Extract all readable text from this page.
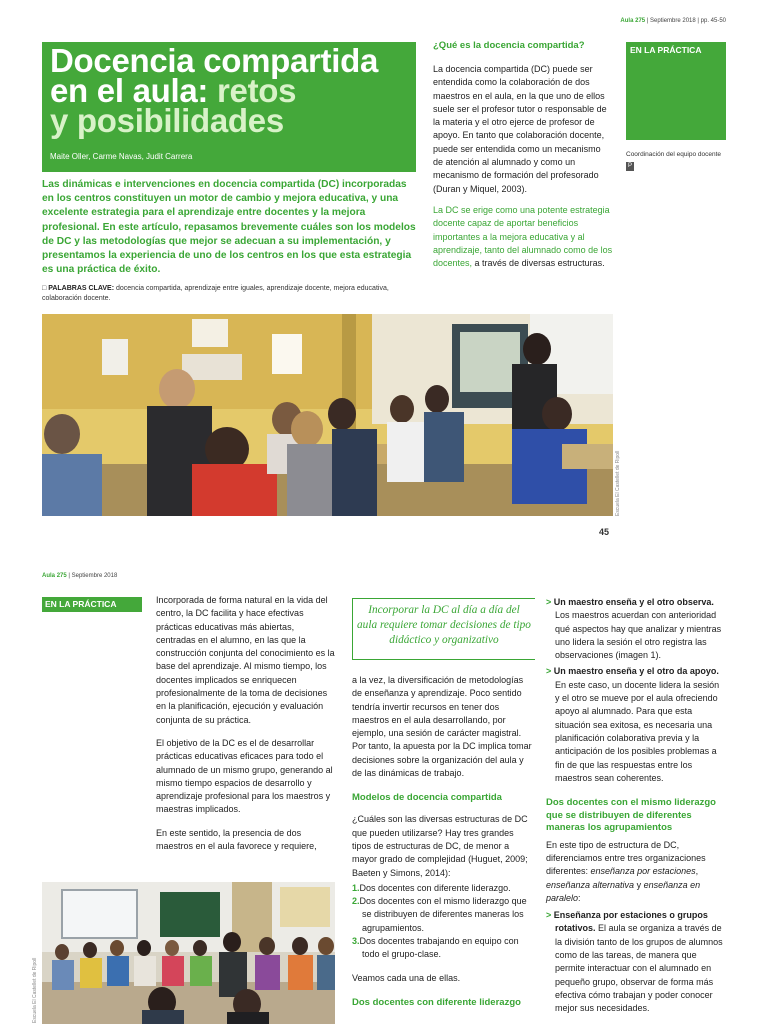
Aula 275 | Septiembre 2018 | pp. 45-50
Docencia compartida
en el aula: retos
y posibilidades
Maite Oller, Carme Navas, Judit Carrera
Las dinámicas e intervenciones en docencia compartida (DC) incorporadas en los centros constituyen un motor de cambio y mejora educativa, y una excelente estrategia para el aprendizaje entre docentes y la mejora profesional. En este artículo, repasamos brevemente cuáles son los modelos de DC y las metodologías que mejor se adecuan a su implementación, y presentamos la experiencia de uno de los centros en los que esta estrategia es una práctica de éxito.
□ PALABRAS CLAVE: docencia compartida, aprendizaje entre iguales, aprendizaje docente, mejora educativa, colaboración docente.
¿Qué es la docencia compartida?

La docencia compartida (DC) puede ser entendida como la colaboración de dos maestros en el aula, en la que uno de ellos suele ser el profesor tutor o responsable de la materia y el otro ejerce de profesor de apoyo. En tanto que colaboración docente, puede ser entendida como un mecanismo de atención al alumnado y como un mecanismo de formación del profesorado (Duran y Miquel, 2003).

La DC se erige como una potente estrategia docente capaz de aportar beneficios importantes a la mejora educativa y al aprendizaje, tanto del alumnado como de los docentes, a través de diversas estructuras.

EN LA PRÁCTICA
Coordinación del equipo docente
P
Escuela El Castellet de Ripoll
45
Aula 275 | Septiembre 2018
EN LA PRÁCTICA	Incorporada de forma natural en la vida del centro, la DC facilita y hace efectivas prácticas educativas más abiertas, centradas en el alumno, en las que la construcción conjunta del conocimiento es la base del aprendizaje. Al mismo tiempo, los docentes implicados se enriquecen profesionalmente de la toma de decisiones en la planificación, ejecución y evaluación conjunta de su práctica.

El objetivo de la DC es el de desarrollar prácticas educativas eficaces para todo el alumnado de un mismo grupo, generando al mismo tiempo espacios de desarrollo y aprendizaje profesional para los maestros y maestras implicados.

En este sentido, la presencia de dos maestros en el aula favorece y requiere,

Incorporar la DC al día a día del aula requiere tomar decisiones de tipo didáctico y organizativo

a la vez, la diversificación de metodologías de enseñanza y aprendizaje. Poco sentido tendría invertir recursos en tener dos maestros en el aula desarrollando, por ejemplo, una sesión de carácter magistral. Por tanto, la apuesta por la DC implica tomar decisiones sobre la organización del aula y de las dinámicas de trabajo.

Modelos de docencia compartida

¿Cuáles son las diversas estructuras de DC que pueden utilizarse? Hay tres grandes tipos de estructuras de DC, de menor a mayor grado de complejidad (Huguet, 2009; Baeten y Simons, 2014):

1.Dos docentes con diferente liderazgo.
2.Dos docentes con el mismo liderazgo que se distribuyen de diferentes maneras los agrupamientos.
3.Dos docentes trabajando en equipo con todo el grupo-clase.

Veamos cada una de ellas.

Dos docentes con diferente liderazgo

> Un maestro enseña y el otro observa. Los maestros acuerdan con anterioridad qué aspectos hay que analizar y mientras uno lidera la sesión el otro registra las observaciones (imagen 1).

> Un maestro enseña y el otro da apoyo. En este caso, un docente lidera la sesión y el otro se mueve por el aula ofreciendo apoyo al alumnado. Para que esta situación sea exitosa, es necesaria una planificación colaborativa previa y la anticipación de los posibles problemas a fin de que las respuestas entre los maestros sean coherentes.

Dos docentes con el mismo liderazgo que se distribuyen de diferentes maneras los agrupamientos

En este tipo de estructura de DC, diferenciamos entre tres organizaciones diferentes: enseñanza por estaciones, enseñanza alternativa y enseñanza en paralelo:

> Enseñanza por estaciones o grupos rotativos. El aula se organiza a través de la división tanto de los grupos de alumnos como de las tareas, de manera que permite interactuar con el alumnado en pequeño grupo, observar de forma más efectiva cómo trabajan y poder conocer mejor sus necesidades.

Escuela El Castellet de Ripoll
